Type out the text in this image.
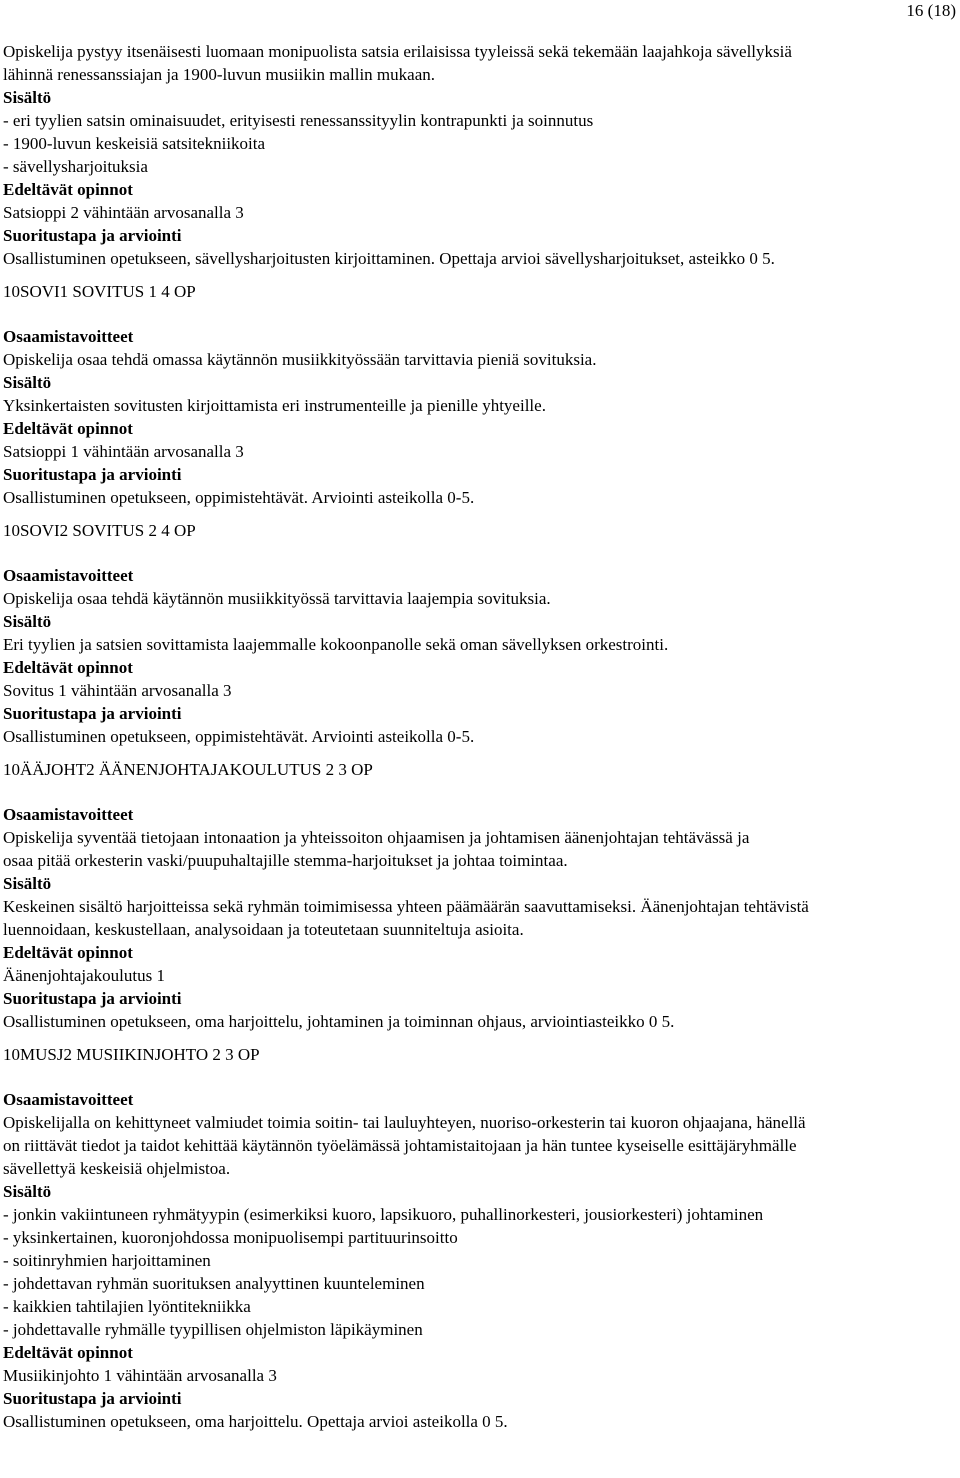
16 (18)
Opiskelija pystyy itsenäisesti luomaan monipuolista satsia erilaisissa tyyleissä sekä tekemään laajahkoja sävellyksiä
lähinnä renessanssiajan ja 1900-luvun musiikin mallin mukaan.
Sisältö
- eri tyylien satsin ominaisuudet, erityisesti renessanssityylin kontrapunkti ja soinnutus
- 1900-luvun keskeisiä satsitekniikoita
- sävellysharjoituksia
Edeltävät opinnot
Satsioppi 2 vähintään arvosanalla 3
Suoritustapa ja arviointi
Osallistuminen opetukseen, sävellysharjoitusten kirjoittaminen. Opettaja arvioi sävellysharjoitukset, asteikko 0 5.
10SOVI1 SOVITUS 1 4 OP
Osaamistavoitteet
Opiskelija osaa tehdä omassa käytännön musiikkityössään tarvittavia pieniä sovituksia.
Sisältö
Yksinkertaisten sovitusten kirjoittamista eri instrumenteille ja pienille yhtyeille.
Edeltävät opinnot
Satsioppi 1 vähintään arvosanalla 3
Suoritustapa ja arviointi
Osallistuminen opetukseen, oppimistehtävät. Arviointi asteikolla 0-5.
10SOVI2 SOVITUS 2 4 OP
Osaamistavoitteet
Opiskelija osaa tehdä käytännön musiikkityössä tarvittavia laajempia sovituksia.
Sisältö
Eri tyylien ja satsien sovittamista laajemmalle kokoonpanolle sekä oman sävellyksen orkestrointi.
Edeltävät opinnot
Sovitus 1 vähintään arvosanalla 3
Suoritustapa ja arviointi
Osallistuminen opetukseen, oppimistehtävät. Arviointi asteikolla 0-5.
10ÄÄJOHT2 ÄÄNENJOHTAJAKOULUTUS 2 3 OP
Osaamistavoitteet
Opiskelija syventää tietojaan intonaation ja yhteissoiton ohjaamisen ja johtamisen äänenjohtajan tehtävässä ja
osaa pitää orkesterin vaski/puupuhaltajille stemma-harjoitukset ja johtaa toimintaa.
Sisältö
Keskeinen sisältö harjoitteissa sekä ryhmän toimimisessa yhteen päämäärän saavuttamiseksi. Äänenjohtajan tehtävistä
luennoidaan, keskustellaan, analysoidaan ja toteutetaan suunniteltuja asioita.
Edeltävät opinnot
Äänenjohtajakoulutus 1
Suoritustapa ja arviointi
Osallistuminen opetukseen, oma harjoittelu, johtaminen ja toiminnan ohjaus, arviointiasteikko 0 5.
10MUSJ2 MUSIIKINJOHTO 2 3 OP
Osaamistavoitteet
Opiskelijalla on kehittyneet valmiudet toimia soitin- tai lauluyhteyen, nuoriso-orkesterin tai kuoron ohjaajana, hänellä
on riittävät tiedot ja taidot kehittää käytännön työelämässä johtamistaitojaan ja hän tuntee kyseiselle esittäjäryhmälle
sävellettyä keskeisiä ohjelmistoa.
Sisältö
- jonkin vakiintuneen ryhmätyypin (esimerkiksi kuoro, lapsikuoro, puhallinorkesteri, jousiorkesteri) johtaminen
- yksinkertainen, kuoronjohdossa monipuolisempi partituurinsoitto
- soitinryhmien harjoittaminen
- johdettavan ryhmän suorituksen analyyttinen kuunteleminen
- kaikkien tahtilajien lyöntitekniikka
- johdettavalle ryhmälle tyypillisen ohjelmiston läpikäyminen
Edeltävät opinnot
Musiikinjohto 1 vähintään arvosanalla 3
Suoritustapa ja arviointi
Osallistuminen opetukseen, oma harjoittelu. Opettaja arvioi asteikolla 0 5.
